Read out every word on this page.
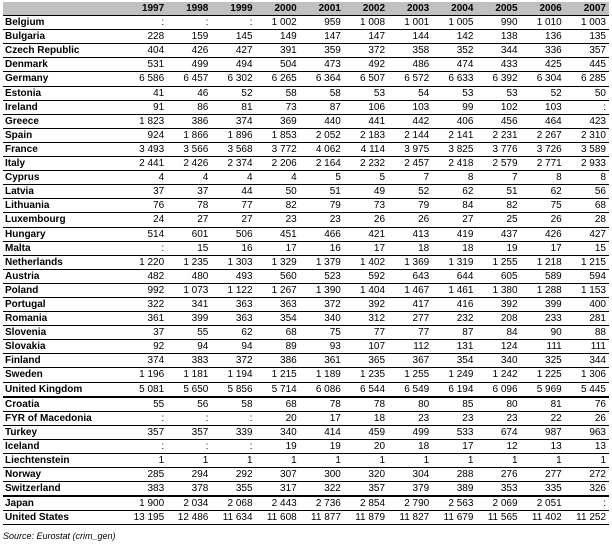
	1997	1998	1999	2000	2001	2002	2003	2004	2005	2006	2007
Belgium	:	:	:	1 002	959	1 008	1 001	1 005	990	1 010	1 003
Bulgaria	228	159	145	149	147	147	144	142	138	136	135
Czech Republic	404	426	427	391	359	372	358	352	344	336	357
Denmark	531	499	494	504	473	492	486	474	433	425	445
Germany	6 586	6 457	6 302	6 265	6 364	6 507	6 572	6 633	6 392	6 304	6 285
Estonia	41	46	52	58	58	53	54	53	53	52	50
Ireland	91	86	81	73	87	106	103	99	102	103	:
Greece	1 823	386	374	369	440	441	442	406	456	464	423
Spain	924	1 866	1 896	1 853	2 052	2 183	2 144	2 141	2 231	2 267	2 310
France	3 493	3 566	3 568	3 772	4 062	4 114	3 975	3 825	3 776	3 726	3 589
Italy	2 441	2 426	2 374	2 206	2 164	2 232	2 457	2 418	2 579	2 771	2 933
Cyprus	4	4	4	4	5	5	7	8	7	8	8
Latvia	37	37	44	50	51	49	52	62	51	62	56
Lithuania	76	78	77	82	79	73	79	84	82	75	68
Luxembourg	24	27	27	23	23	26	26	27	25	26	28
Hungary	514	601	506	451	466	421	413	419	437	426	427
Malta	:	15	16	17	16	17	18	18	19	17	15
Netherlands	1 220	1 235	1 303	1 329	1 379	1 402	1 369	1 319	1 255	1 218	1 215
Austria	482	480	493	560	523	592	643	644	605	589	594
Poland	992	1 073	1 122	1 267	1 390	1 404	1 467	1 461	1 380	1 288	1 153
Portugal	322	341	363	363	372	392	417	416	392	399	400
Romania	361	399	363	354	340	312	277	232	208	233	281
Slovenia	37	55	62	68	75	77	77	87	84	90	88
Slovakia	92	94	94	89	93	107	112	131	124	111	111
Finland	374	383	372	386	361	365	367	354	340	325	344
Sweden	1 196	1 181	1 194	1 215	1 189	1 235	1 255	1 249	1 242	1 225	1 306
United Kingdom	5 081	5 650	5 856	5 714	6 086	6 544	6 549	6 194	6 096	5 969	5 445
Croatia	55	56	58	68	78	78	80	85	80	81	76
FYR of Macedonia	:	:	:	20	17	18	23	23	23	22	26
Turkey	357	357	339	340	414	459	499	533	674	987	963
Iceland	:	:	:	19	19	20	18	17	12	13	13
Liechtenstein	1	1	1	1	1	1	1	1	1	1	1
Norway	285	294	292	307	300	320	304	288	276	277	272
Switzerland	383	378	355	317	322	357	379	389	353	335	326
Japan	1 900	2 034	2 068	2 443	2 736	2 854	2 790	2 563	2 069	2 051	:
United States	13 195	12 486	11 634	11 608	11 877	11 879	11 827	11 679	11 565	11 402	11 252
Source: Eurostat (crim_gen)
